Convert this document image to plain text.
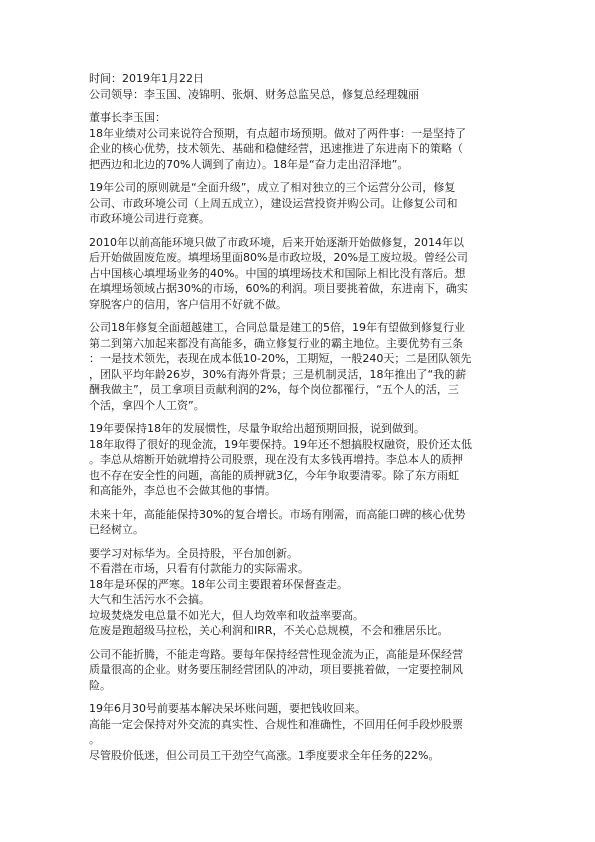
时间：2019年1月22日
公司领导：李玉国、凌锦明、张炯、财务总监吴总，修复总经理魏丽
董事长李玉国：
18年业绩对公司来说符合预期，有点超市场预期。做对了两件事：一是坚持了
企业的核心优势，技术领先、基础和稳健经营，迅速推进了东进南下的策略（
把西边和北边的70%人调到了南边）。18年是“奋力走出沼泽地”。
19年公司的原则就是“全面升级”，成立了相对独立的三个运营分公司，修复
公司、市政环境公司（上周五成立），建设运营投资并购公司。让修复公司和
市政环境公司进行竞赛。
2010年以前高能环境只做了市政环境，后来开始逐渐开始做修复，2014年以
后开始做固废危废。填埋场里面80%是市政垃圾，20%是工废垃圾。曾经公司
占中国核心填埋场业务的40%。中国的填埋场技术和国际上相比没有落后。想
在填埋场领域占据30%的市场，60%的利润。项目要挑着做，东进南下，确实
穿脱客户的信用，客户信用不好就不做。
公司18年修复全面超越建工，合同总量是建工的5倍，19年有望做到修复行业
第二到第六加起来都没有高能多，确立修复行业的霸主地位。主要优势有三条
：一是技术领先，表现在成本低10-20%，工期短，一般240天；二是团队领先
，团队平均年龄26岁，30%有海外背景；三是机制灵活，18年推出了“我的薪
酬我做主”，员工拿项目贡献利润的2%，每个岗位都罹行，“五个人的活，三
个活，拿四个人工资”。
19年要保持18年的发展惯性，尽量争取给出超预期回报，说到做到。
18年取得了很好的现金流，19年要保持。19年还不想搞股权融资，股价还太低
。李总从熔断开始就增持公司股票，现在没有太多钱再增持。李总本人的质押
也不存在安全性的问题，高能的质押就3亿，今年争取要清零。除了东方雨虹
和高能外，李总也不会做其他的事情。
未来十年，高能能保持30%的复合增长。市场有刚需，而高能口碑的核心优势
已经树立。
要学习对标华为。全员持股，平台加创新。
不看潜在市场，只看有付款能力的实际需求。
18年是环保的严寒。18年公司主要跟着环保督查走。
大气和生活污水不会搞。
垃圾焚烧发电总量不如光大，但人均效率和收益率要高。
危废是跑超级马拉松，关心利润和IRR，不关心总规模，不会和雅居乐比。
公司不能折腾，不能走弯路。要每年保持经营性现金流为正，高能是环保经营
质量很高的企业。财务要压制经营团队的冲动，项目要挑着做，一定要控制风
险。
19年6月30号前要基本解决呆坏账问题，要把钱收回来。
高能一定会保持对外交流的真实性、合规性和准确性，不回用任何手段炒股票
。
尽管股价低迷，但公司员工干劲空气高涨。1季度要求全年任务的22%。
